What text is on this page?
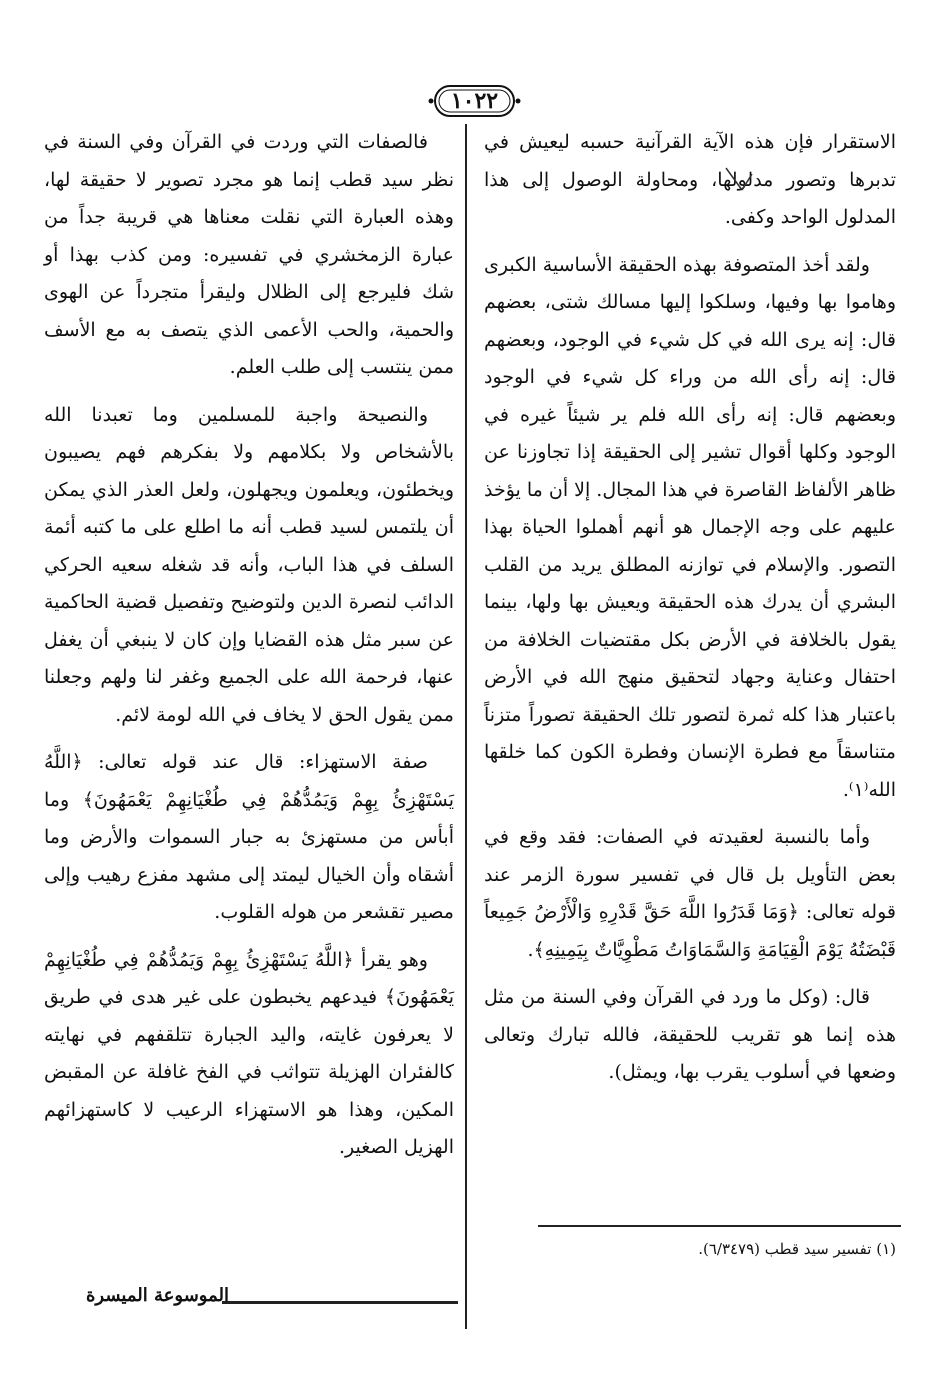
١٠٢٢

الاستقرار فإن هذه الآية القرآنية حسبه ليعيش في تدبرها وتصور مدلولها، ومحاولة الوصول إلى هذا المدلول الواحد وكفى.

ولقد أخذ المتصوفة بهذه الحقيقة الأساسية الكبرى وهاموا بها وفيها، وسلكوا إليها مسالك شتى، بعضهم قال: إنه يرى الله في كل شيء في الوجود، وبعضهم قال: إنه رأى الله من وراء كل شيء في الوجود وبعضهم قال: إنه رأى الله فلم ير شيئاً غيره في الوجود وكلها أقوال تشير إلى الحقيقة إذا تجاوزنا عن ظاهر الألفاظ القاصرة في هذا المجال. إلا أن ما يؤخذ عليهم على وجه الإجمال هو أنهم أهملوا الحياة بهذا التصور. والإسلام في توازنه المطلق يريد من القلب البشري أن يدرك هذه الحقيقة ويعيش بها ولها، بينما يقول بالخلافة في الأرض بكل مقتضيات الخلافة من احتفال وعناية وجهاد لتحقيق منهج الله في الأرض باعتبار هذا كله ثمرة لتصور تلك الحقيقة تصوراً متزناً متناسقاً مع فطرة الإنسان وفطرة الكون كما خلقها الله⁽١⁾.

وأما بالنسبة لعقيدته في الصفات: فقد وقع في بعض التأويل بل قال في تفسير سورة الزمر عند قوله تعالى: ﴿وَمَا قَدَرُوا اللَّهَ حَقَّ قَدْرِهِ وَالْأَرْضُ جَمِيعاً قَبْضَتُهُ يَوْمَ الْقِيَامَةِ وَالسَّمَاوَاتُ مَطْوِيَّاتٌ بِيَمِينِهِ﴾.

قال: (وكل ما ورد في القرآن وفي السنة من مثل هذه إنما هو تقريب للحقيقة، فالله تبارك وتعالى وضعها في أسلوب يقرب بها، ويمثل).

فالصفات التي وردت في القرآن وفي السنة في نظر سيد قطب إنما هو مجرد تصوير لا حقيقة لها، وهذه العبارة التي نقلت معناها هي قريبة جداً من عبارة الزمخشري في تفسيره: ومن كذب بهذا أو شك فليرجع إلى الظلال وليقرأ متجرداً عن الهوى والحمية، والحب الأعمى الذي يتصف به مع الأسف ممن ينتسب إلى طلب العلم.

والنصيحة واجبة للمسلمين وما تعبدنا الله بالأشخاص ولا بكلامهم ولا بفكرهم فهم يصيبون ويخطئون، ويعلمون ويجهلون، ولعل العذر الذي يمكن أن يلتمس لسيد قطب أنه ما اطلع على ما كتبه أئمة السلف في هذا الباب، وأنه قد شغله سعيه الحركي الدائب لنصرة الدين ولتوضيح وتفصيل قضية الحاكمية عن سبر مثل هذه القضايا وإن كان لا ينبغي أن يغفل عنها، فرحمة الله على الجميع وغفر لنا ولهم وجعلنا ممن يقول الحق لا يخاف في الله لومة لائم.

صفة الاستهزاء: قال عند قوله تعالى: ﴿اللَّهُ يَسْتَهْزِئُ بِهِمْ وَيَمُدُّهُمْ فِي طُغْيَانِهِمْ يَعْمَهُونَ﴾ وما أبأس من مستهزئ به جبار السموات والأرض وما أشقاه وأن الخيال ليمتد إلى مشهد مفزع رهيب وإلى مصير تقشعر من هوله القلوب.

وهو يقرأ ﴿اللَّهُ يَسْتَهْزِئُ بِهِمْ وَيَمُدُّهُمْ فِي طُغْيَانِهِمْ يَعْمَهُونَ﴾ فيدعهم يخبطون على غير هدى في طريق لا يعرفون غايته، واليد الجبارة تتلقفهم في نهايته كالفئران الهزيلة تتواثب في الفخ غافلة عن المقبض المكين، وهذا هو الاستهزاء الرعيب لا كاستهزائهم الهزيل الصغير.

(١) تفسير سيد قطب (٦/٣٤٧٩).
الموسوعة الميسرة
